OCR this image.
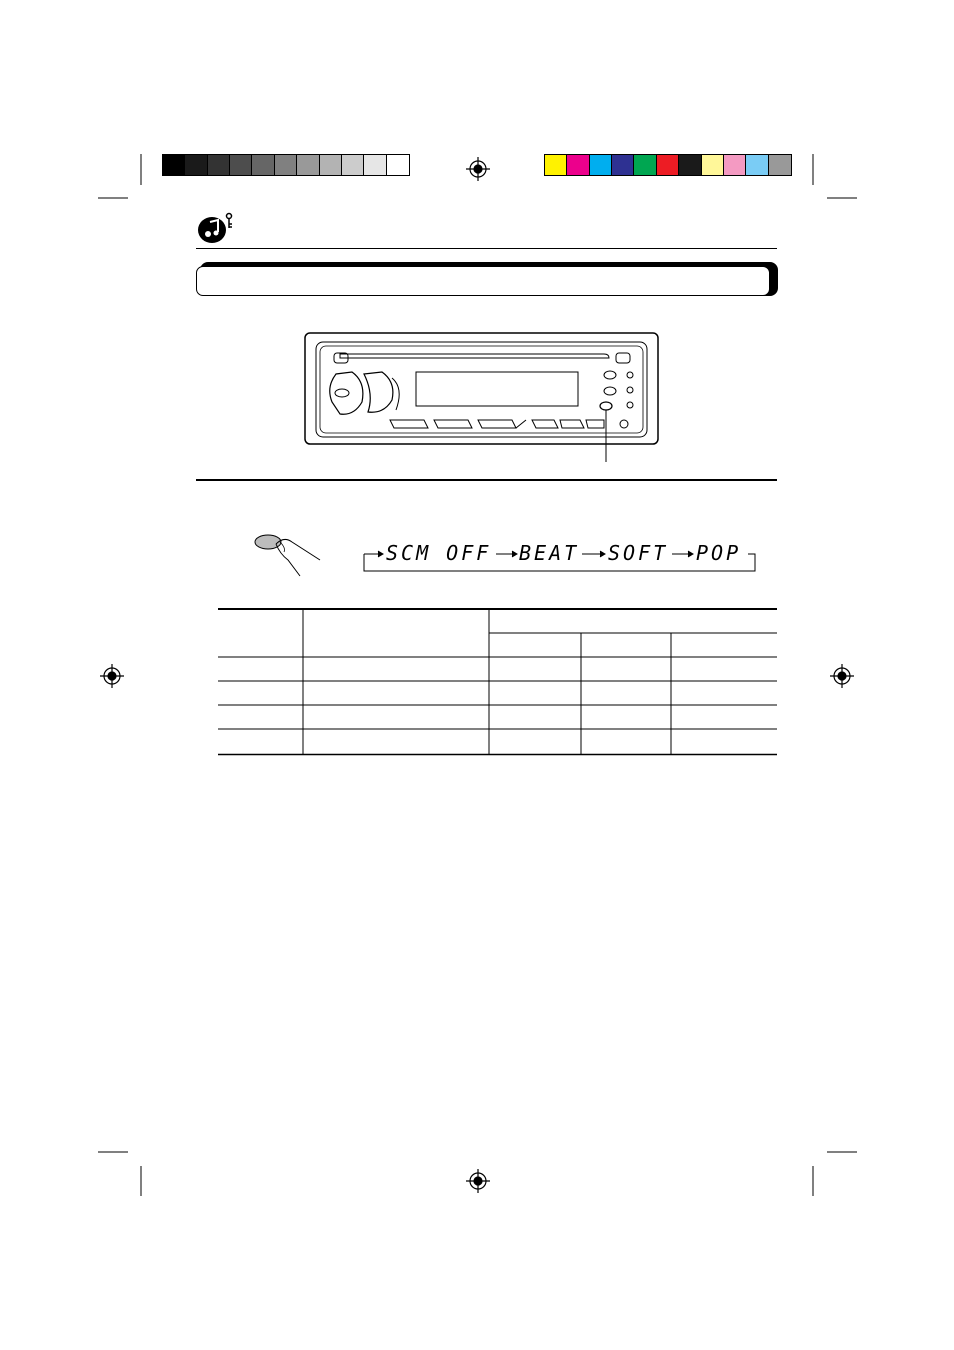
SCM OFF BEAT SOFT POP
